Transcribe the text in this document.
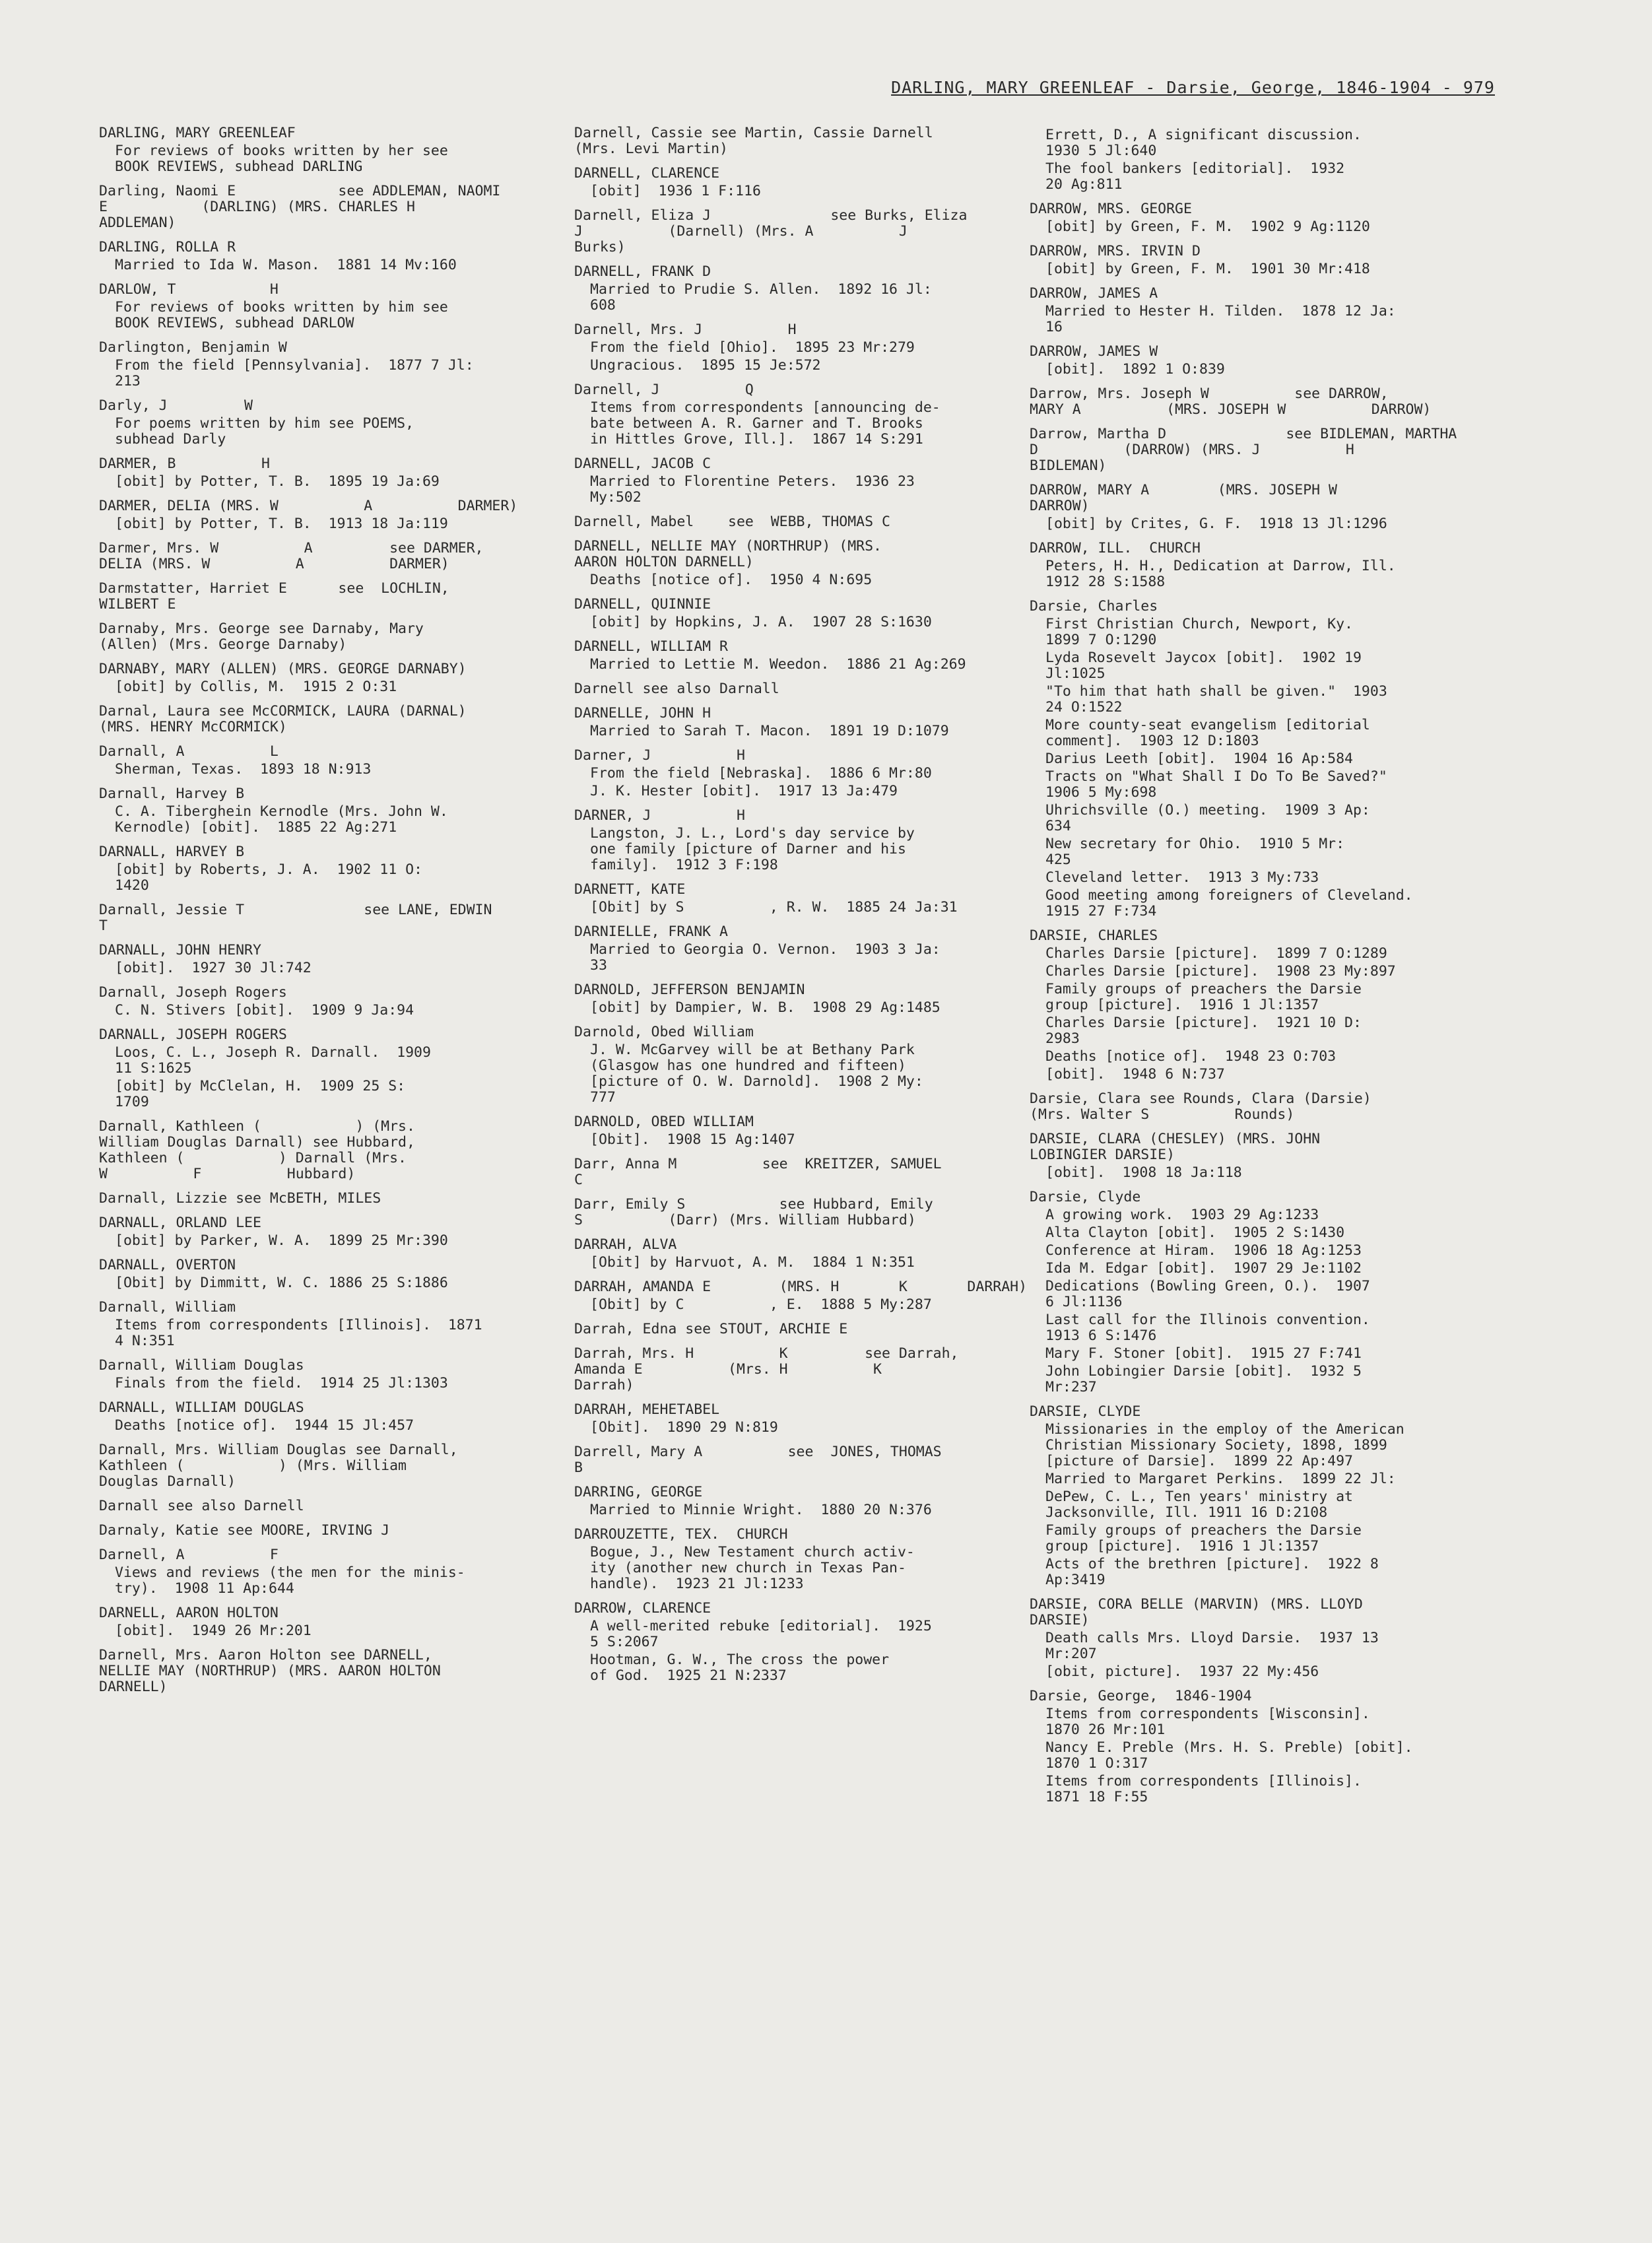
DARLING, MARY GREENLEAF - Darsie, George, 1846-1904 - 979
DARLING, MARY GREENLEAF
For reviews of books written by her see
BOOK REVIEWS, subhead DARLING
Darling, Naomi E            see ADDLEMAN, NAOMI
E           (DARLING) (MRS. CHARLES H
ADDLEMAN)
DARLING, ROLLA R
Married to Ida W. Mason.  1881 14 Mv:160
DARLOW, T           H
For reviews of books written by him see
BOOK REVIEWS, subhead DARLOW
Darlington, Benjamin W
From the field [Pennsylvania].  1877 7 Jl:
213
Darly, J         W
For poems written by him see POEMS,
subhead Darly
DARMER, B          H
[obit] by Potter, T. B.  1895 19 Ja:69
DARMER, DELIA (MRS. W          A          DARMER)
[obit] by Potter, T. B.  1913 18 Ja:119
Darmer, Mrs. W          A         see DARMER,
DELIA (MRS. W          A          DARMER)
Darmstatter, Harriet E      see  LOCHLIN,
WILBERT E
Darnaby, Mrs. George see Darnaby, Mary
(Allen) (Mrs. George Darnaby)
DARNABY, MARY (ALLEN) (MRS. GEORGE DARNABY)
[obit] by Collis, M.  1915 2 O:31
Darnal, Laura see McCORMICK, LAURA (DARNAL)
(MRS. HENRY McCORMICK)
Darnall, A          L
Sherman, Texas.  1893 18 N:913
Darnall, Harvey B
C. A. Tiberghein Kernodle (Mrs. John W.
Kernodle) [obit].  1885 22 Ag:271
DARNALL, HARVEY B
[obit] by Roberts, J. A.  1902 11 O:
1420
Darnall, Jessie T              see LANE, EDWIN
T
DARNALL, JOHN HENRY
[obit].  1927 30 Jl:742
Darnall, Joseph Rogers
C. N. Stivers [obit].  1909 9 Ja:94
DARNALL, JOSEPH ROGERS
Loos, C. L., Joseph R. Darnall.  1909
11 S:1625
[obit] by McClelan, H.  1909 25 S:
1709
Darnall, Kathleen (           ) (Mrs.
William Douglas Darnall) see Hubbard,
Kathleen (           ) Darnall (Mrs.
W          F          Hubbard)
Darnall, Lizzie see McBETH, MILES
DARNALL, ORLAND LEE
[obit] by Parker, W. A.  1899 25 Mr:390
DARNALL, OVERTON
[Obit] by Dimmitt, W. C. 1886 25 S:1886
Darnall, William
Items from correspondents [Illinois].  1871
4 N:351
Darnall, William Douglas
Finals from the field.  1914 25 Jl:1303
DARNALL, WILLIAM DOUGLAS
Deaths [notice of].  1944 15 Jl:457
Darnall, Mrs. William Douglas see Darnall,
Kathleen (           ) (Mrs. William
Douglas Darnall)
Darnall see also Darnell
Darnaly, Katie see MOORE, IRVING J
Darnell, A          F
Views and reviews (the men for the minis-
try).  1908 11 Ap:644
DARNELL, AARON HOLTON
[obit].  1949 26 Mr:201
Darnell, Mrs. Aaron Holton see DARNELL,
NELLIE MAY (NORTHRUP) (MRS. AARON HOLTON
DARNELL)
Darnell, Cassie see Martin, Cassie Darnell
(Mrs. Levi Martin)
DARNELL, CLARENCE
[obit]  1936 1 F:116
Darnell, Eliza J              see Burks, Eliza
J          (Darnell) (Mrs. A          J
Burks)
DARNELL, FRANK D
Married to Prudie S. Allen.  1892 16 Jl:
608
Darnell, Mrs. J          H
From the field [Ohio].  1895 23 Mr:279
Ungracious.  1895 15 Je:572
Darnell, J          Q
Items from correspondents [announcing de-
bate between A. R. Garner and T. Brooks
in Hittles Grove, Ill.].  1867 14 S:291
DARNELL, JACOB C
Married to Florentine Peters.  1936 23
My:502
Darnell, Mabel    see  WEBB, THOMAS C
DARNELL, NELLIE MAY (NORTHRUP) (MRS.
AARON HOLTON DARNELL)
Deaths [notice of].  1950 4 N:695
DARNELL, QUINNIE
[obit] by Hopkins, J. A.  1907 28 S:1630
DARNELL, WILLIAM R
Married to Lettie M. Weedon.  1886 21 Ag:269
Darnell see also Darnall
DARNELLE, JOHN H
Married to Sarah T. Macon.  1891 19 D:1079
Darner, J          H
From the field [Nebraska].  1886 6 Mr:80
J. K. Hester [obit].  1917 13 Ja:479
DARNER, J          H
Langston, J. L., Lord's day service by
one family [picture of Darner and his
family].  1912 3 F:198
DARNETT, KATE
[Obit] by S          , R. W.  1885 24 Ja:31
DARNIELLE, FRANK A
Married to Georgia O. Vernon.  1903 3 Ja:
33
DARNOLD, JEFFERSON BENJAMIN
[obit] by Dampier, W. B.  1908 29 Ag:1485
Darnold, Obed William
J. W. McGarvey will be at Bethany Park
(Glasgow has one hundred and fifteen)
[picture of O. W. Darnold].  1908 2 My:
777
DARNOLD, OBED WILLIAM
[Obit].  1908 15 Ag:1407
Darr, Anna M          see  KREITZER, SAMUEL
C
Darr, Emily S           see Hubbard, Emily
S          (Darr) (Mrs. William Hubbard)
DARRAH, ALVA
[Obit] by Harvuot, A. M.  1884 1 N:351
DARRAH, AMANDA E        (MRS. H       K       DARRAH)
[Obit] by C          , E.  1888 5 My:287
Darrah, Edna see STOUT, ARCHIE E
Darrah, Mrs. H          K         see Darrah,
Amanda E          (Mrs. H          K
Darrah)
DARRAH, MEHETABEL
[Obit].  1890 29 N:819
Darrell, Mary A          see  JONES, THOMAS
B
DARRING, GEORGE
Married to Minnie Wright.  1880 20 N:376
DARROUZETTE, TEX.  CHURCH
Bogue, J., New Testament church activ-
ity (another new church in Texas Pan-
handle).  1923 21 Jl:1233
DARROW, CLARENCE
A well-merited rebuke [editorial].  1925
5 S:2067
Hootman, G. W., The cross the power
of God.  1925 21 N:2337
Errett, D., A significant discussion.
1930 5 Jl:640
The fool bankers [editorial].  1932
20 Ag:811
DARROW, MRS. GEORGE
[obit] by Green, F. M.  1902 9 Ag:1120
DARROW, MRS. IRVIN D
[obit] by Green, F. M.  1901 30 Mr:418
DARROW, JAMES A
Married to Hester H. Tilden.  1878 12 Ja:
16
DARROW, JAMES W
[obit].  1892 1 O:839
Darrow, Mrs. Joseph W          see DARROW,
MARY A          (MRS. JOSEPH W          DARROW)
Darrow, Martha D              see BIDLEMAN, MARTHA
D          (DARROW) (MRS. J          H
BIDLEMAN)
DARROW, MARY A        (MRS. JOSEPH W
DARROW)
[obit] by Crites, G. F.  1918 13 Jl:1296
DARROW, ILL.  CHURCH
Peters, H. H., Dedication at Darrow, Ill.
1912 28 S:1588
Darsie, Charles
First Christian Church, Newport, Ky.
1899 7 O:1290
Lyda Rosevelt Jaycox [obit].  1902 19
Jl:1025
"To him that hath shall be given."  1903
24 O:1522
More county-seat evangelism [editorial
comment].  1903 12 D:1803
Darius Leeth [obit].  1904 16 Ap:584
Tracts on "What Shall I Do To Be Saved?"
1906 5 My:698
Uhrichsville (O.) meeting.  1909 3 Ap:
634
New secretary for Ohio.  1910 5 Mr:
425
Cleveland letter.  1913 3 My:733
Good meeting among foreigners of Cleveland.
1915 27 F:734
DARSIE, CHARLES
Charles Darsie [picture].  1899 7 O:1289
Charles Darsie [picture].  1908 23 My:897
Family groups of preachers the Darsie
group [picture].  1916 1 Jl:1357
Charles Darsie [picture].  1921 10 D:
2983
Deaths [notice of].  1948 23 O:703
[obit].  1948 6 N:737
Darsie, Clara see Rounds, Clara (Darsie)
(Mrs. Walter S          Rounds)
DARSIE, CLARA (CHESLEY) (MRS. JOHN
LOBINGIER DARSIE)
[obit].  1908 18 Ja:118
Darsie, Clyde
A growing work.  1903 29 Ag:1233
Alta Clayton [obit].  1905 2 S:1430
Conference at Hiram.  1906 18 Ag:1253
Ida M. Edgar [obit].  1907 29 Je:1102
Dedications (Bowling Green, O.).  1907
6 Jl:1136
Last call for the Illinois convention.
1913 6 S:1476
Mary F. Stoner [obit].  1915 27 F:741
John Lobingier Darsie [obit].  1932 5
Mr:237
DARSIE, CLYDE
Missionaries in the employ of the American
Christian Missionary Society, 1898, 1899
[picture of Darsie].  1899 22 Ap:497
Married to Margaret Perkins.  1899 22 Jl:
DePew, C. L., Ten years' ministry at
Jacksonville, Ill. 1911 16 D:2108
Family groups of preachers the Darsie
group [picture].  1916 1 Jl:1357
Acts of the brethren [picture].  1922 8
Ap:3419
DARSIE, CORA BELLE (MARVIN) (MRS. LLOYD
DARSIE)
Death calls Mrs. Lloyd Darsie.  1937 13
Mr:207
[obit, picture].  1937 22 My:456
Darsie, George,  1846-1904
Items from correspondents [Wisconsin].
1870 26 Mr:101
Nancy E. Preble (Mrs. H. S. Preble) [obit].
1870 1 O:317
Items from correspondents [Illinois].
1871 18 F:55
